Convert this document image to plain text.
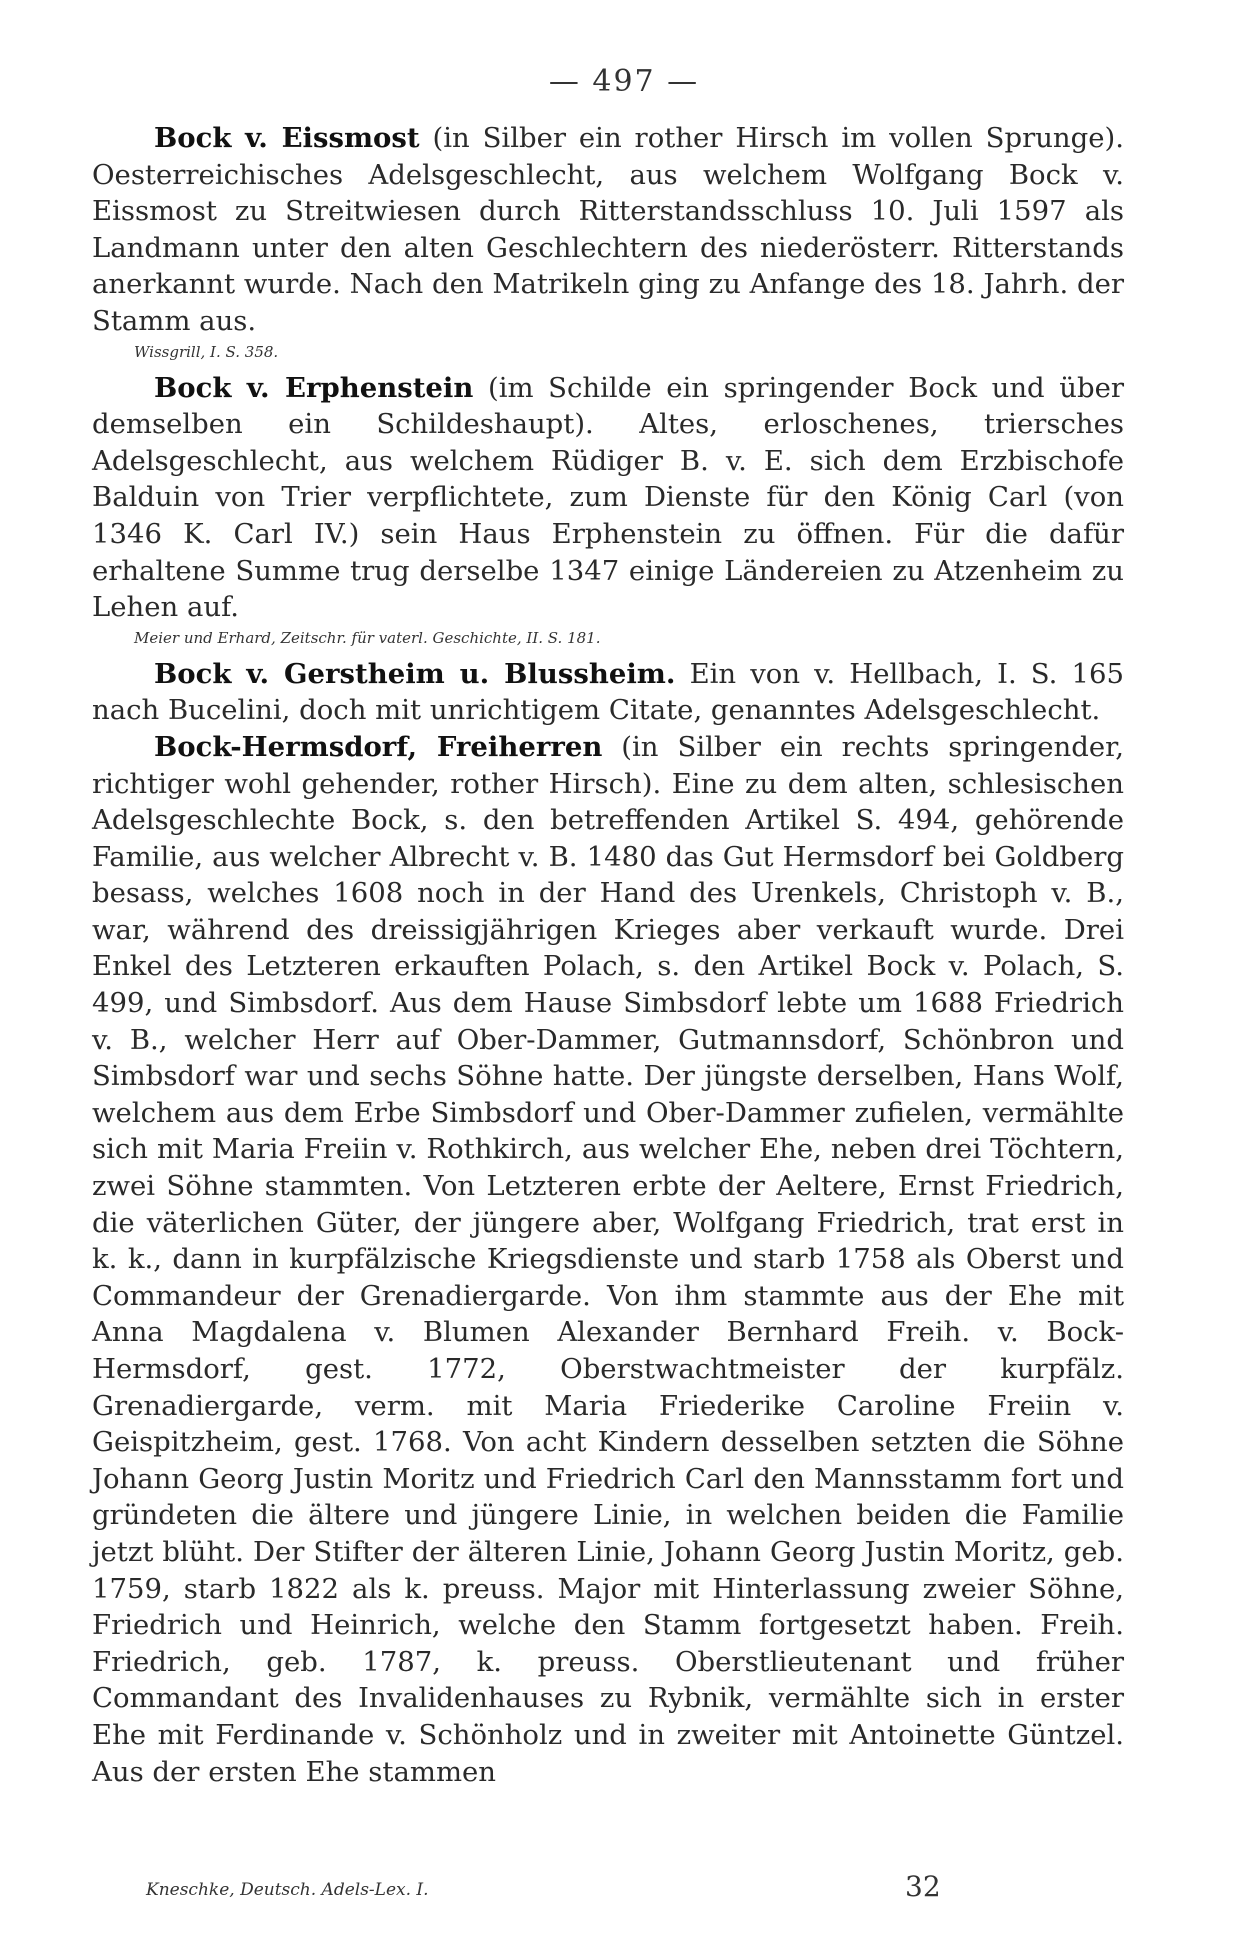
— 497 —

Bock v. Eissmost (in Silber ein rother Hirsch im vollen Sprunge). Oesterreichisches Adelsgeschlecht, aus welchem Wolfgang Bock v. Eissmost zu Streitwiesen durch Ritterstandsschluss 10. Juli 1597 als Landmann unter den alten Geschlechtern des niederösterr. Ritterstands anerkannt wurde. Nach den Matrikeln ging zu Anfange des 18. Jahrh. der Stamm aus.

Wissgrill, I. S. 358.

Bock v. Erphenstein (im Schilde ein springender Bock und über demselben ein Schildeshaupt). Altes, erloschenes, triersches Adelsgeschlecht, aus welchem Rüdiger B. v. E. sich dem Erzbischofe Balduin von Trier verpflichtete, zum Dienste für den König Carl (von 1346 K. Carl IV.) sein Haus Erphenstein zu öffnen. Für die dafür erhaltene Summe trug derselbe 1347 einige Ländereien zu Atzenheim zu Lehen auf.

Meier und Erhard, Zeitschr. für vaterl. Geschichte, II. S. 181.

Bock v. Gerstheim u. Blussheim. Ein von v. Hellbach, I. S. 165 nach Bucelini, doch mit unrichtigem Citate, genanntes Adelsgeschlecht.

Bock-Hermsdorf, Freiherren (in Silber ein rechts springender, richtiger wohl gehender, rother Hirsch). Eine zu dem alten, schlesischen Adelsgeschlechte Bock, s. den betreffenden Artikel S. 494, gehörende Familie, aus welcher Albrecht v. B. 1480 das Gut Hermsdorf bei Goldberg besass, welches 1608 noch in der Hand des Urenkels, Christoph v. B., war, während des dreissigjährigen Krieges aber verkauft wurde. Drei Enkel des Letzteren erkauften Polach, s. den Artikel Bock v. Polach, S. 499, und Simbsdorf. Aus dem Hause Simbsdorf lebte um 1688 Friedrich v. B., welcher Herr auf Ober-Dammer, Gutmannsdorf, Schönbron und Simbsdorf war und sechs Söhne hatte. Der jüngste derselben, Hans Wolf, welchem aus dem Erbe Simbsdorf und Ober-Dammer zufielen, vermählte sich mit Maria Freiin v. Rothkirch, aus welcher Ehe, neben drei Töchtern, zwei Söhne stammten. Von Letzteren erbte der Aeltere, Ernst Friedrich, die väterlichen Güter, der jüngere aber, Wolfgang Friedrich, trat erst in k. k., dann in kurpfälzische Kriegsdienste und starb 1758 als Oberst und Commandeur der Grenadiergarde. Von ihm stammte aus der Ehe mit Anna Magdalena v. Blumen Alexander Bernhard Freih. v. Bock-Hermsdorf, gest. 1772, Oberstwachtmeister der kurpfälz. Grenadiergarde, verm. mit Maria Friederike Caroline Freiin v. Geispitzheim, gest. 1768. Von acht Kindern desselben setzten die Söhne Johann Georg Justin Moritz und Friedrich Carl den Mannsstamm fort und gründeten die ältere und jüngere Linie, in welchen beiden die Familie jetzt blüht. Der Stifter der älteren Linie, Johann Georg Justin Moritz, geb. 1759, starb 1822 als k. preuss. Major mit Hinterlassung zweier Söhne, Friedrich und Heinrich, welche den Stamm fortgesetzt haben. Freih. Friedrich, geb. 1787, k. preuss. Oberstlieutenant und früher Commandant des Invalidenhauses zu Rybnik, vermählte sich in erster Ehe mit Ferdinande v. Schönholz und in zweiter mit Antoinette Güntzel. Aus der ersten Ehe stammen

Kneschke, Deutsch. Adels-Lex. I.	32
